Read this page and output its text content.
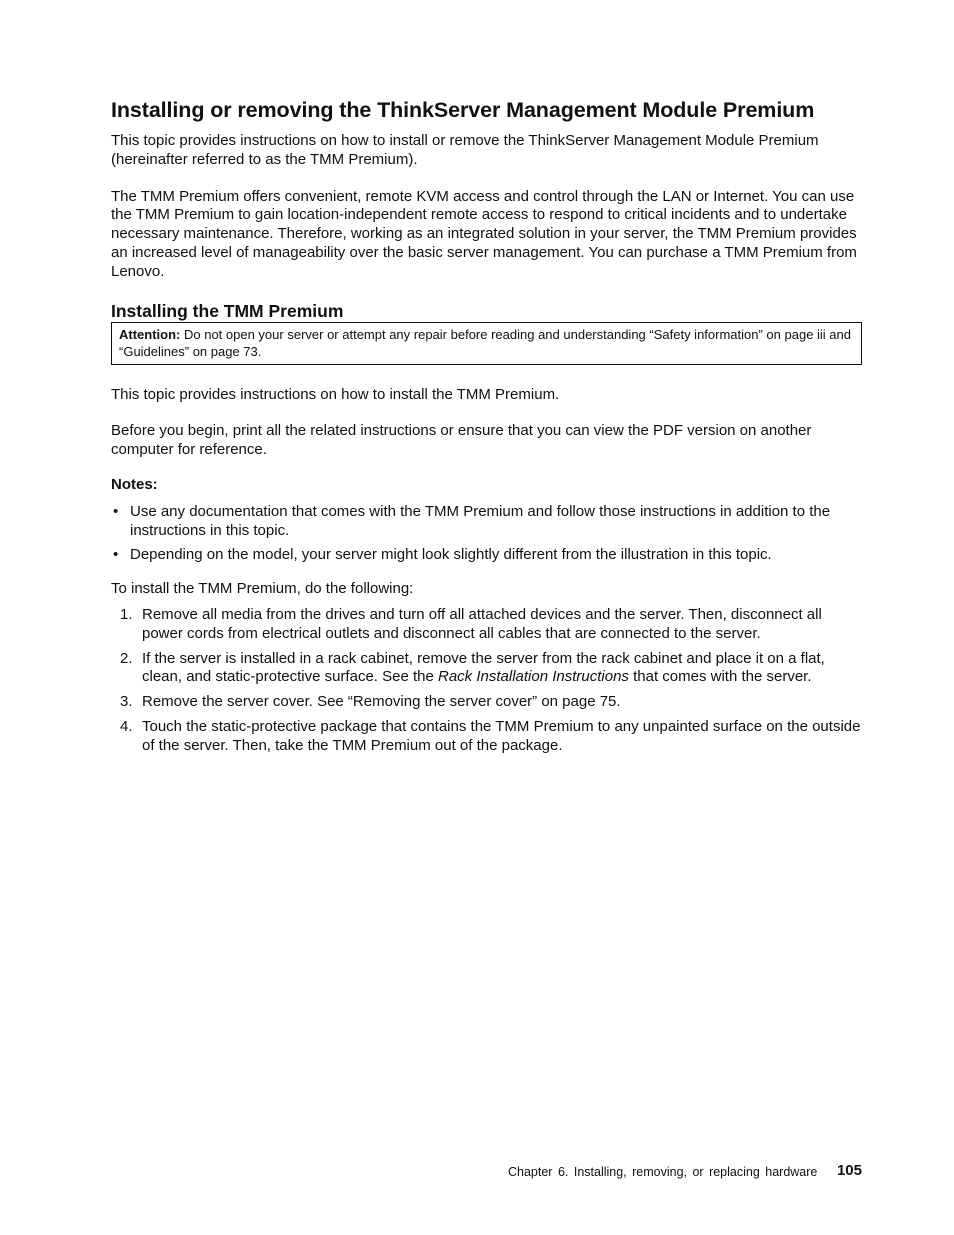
Installing or removing the ThinkServer Management Module Premium

This topic provides instructions on how to install or remove the ThinkServer Management Module Premium (hereinafter referred to as the TMM Premium).

The TMM Premium offers convenient, remote KVM access and control through the LAN or Internet. You can use the TMM Premium to gain location-independent remote access to respond to critical incidents and to undertake necessary maintenance. Therefore, working as an integrated solution in your server, the TMM Premium provides an increased level of manageability over the basic server management. You can purchase a TMM Premium from Lenovo.

Installing the TMM Premium
Attention: Do not open your server or attempt any repair before reading and understanding “Safety information” on page iii and “Guidelines” on page 73.

This topic provides instructions on how to install the TMM Premium.

Before you begin, print all the related instructions or ensure that you can view the PDF version on another computer for reference.

Notes:
• Use any documentation that comes with the TMM Premium and follow those instructions in addition to the instructions in this topic.
• Depending on the model, your server might look slightly different from the illustration in this topic.

To install the TMM Premium, do the following:

1. Remove all media from the drives and turn off all attached devices and the server. Then, disconnect all power cords from electrical outlets and disconnect all cables that are connected to the server.
2. If the server is installed in a rack cabinet, remove the server from the rack cabinet and place it on a flat, clean, and static-protective surface. See the Rack Installation Instructions that comes with the server.
3. Remove the server cover. See “Removing the server cover” on page 75.
4. Touch the static-protective package that contains the TMM Premium to any unpainted surface on the outside of the server. Then, take the TMM Premium out of the package.
Chapter 6. Installing, removing, or replacing hardware 105
